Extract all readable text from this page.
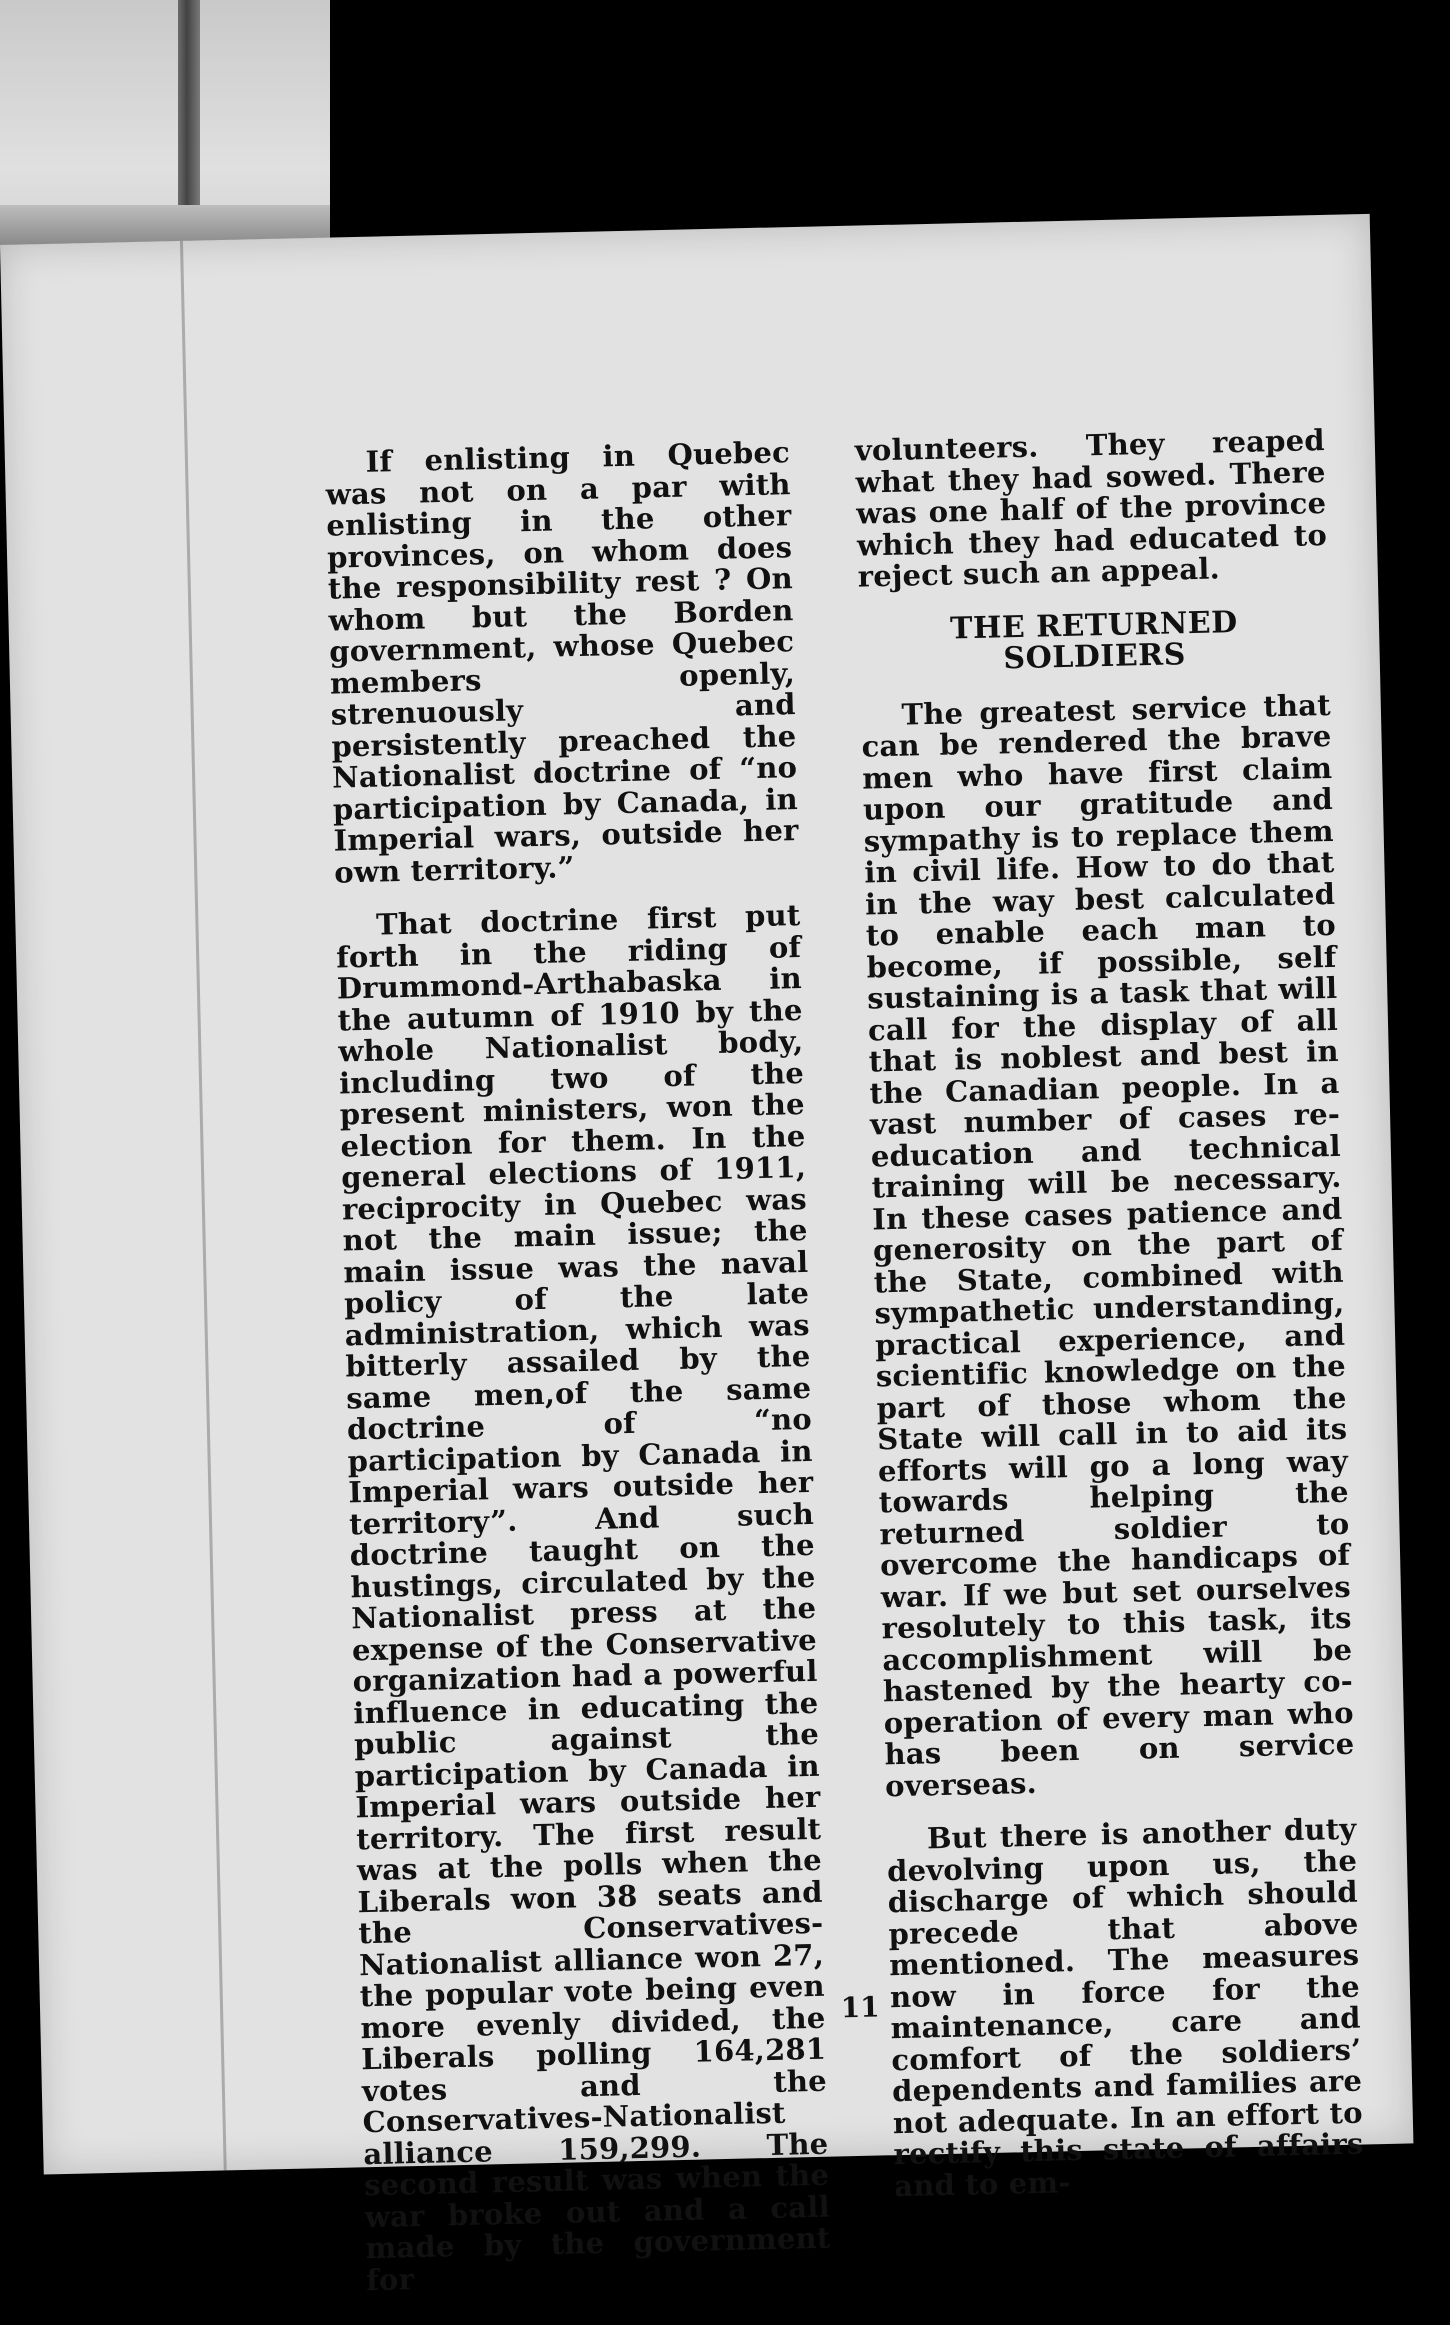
If enlisting in Quebec was not on a par with enlisting in the other provinces, on whom does the responsibility rest ? On whom but the Borden government, whose Quebec members openly, strenuously and persistently preached the Nationalist doctrine of “no participation by Canada, in Imperial wars, outside her own territory.”

That doctrine first put forth in the riding of Drummond-Arthabaska in the autumn of 1910 by the whole Nationalist body, including two of the present ministers, won the election for them. In the general elections of 1911, reciprocity in Quebec was not the main issue; the main issue was the naval policy of the late administration, which was bitterly assailed by the same men,of the same doctrine of “no participation by Canada in Imperial wars outside her territory”. And such doctrine taught on the hustings, circulated by the Nationalist press at the expense of the Conservative organization had a powerful influence in educating the public against the participation by Canada in Imperial wars outside her territory. The first result was at the polls when the Liberals won 38 seats and the Conservatives-Nationalist alliance won 27, the popular vote being even more evenly divided, the Liberals polling 164,281 votes and the Conservatives-Nationalist alliance 159,299. The second result was when the war broke out and a call made by the government for

volunteers. They reaped what they had sowed. There was one half of the province which they had educated to reject such an appeal.

THE RETURNED SOLDIERS

The greatest service that can be rendered the brave men who have first claim upon our gratitude and sympathy is to replace them in civil life. How to do that in the way best calculated to enable each man to become, if possible, self sustaining is a task that will call for the display of all that is noblest and best in the Canadian people. In a vast number of cases re-education and technical training will be necessary. In these cases patience and generosity on the part of the State, combined with sympathetic understanding, practical experience, and scientific knowledge on the part of those whom the State will call in to aid its efforts will go a long way towards helping the returned soldier to overcome the handicaps of war. If we but set ourselves resolutely to this task, its accomplishment will be hastened by the hearty co-operation of every man who has been on service overseas.

But there is another duty devolving upon us, the discharge of which should precede that above mentioned. The measures now in force for the maintenance, care and comfort of the soldiers’ dependents and families are not adequate. In an effort to rectify this state of affairs and to em-

11
